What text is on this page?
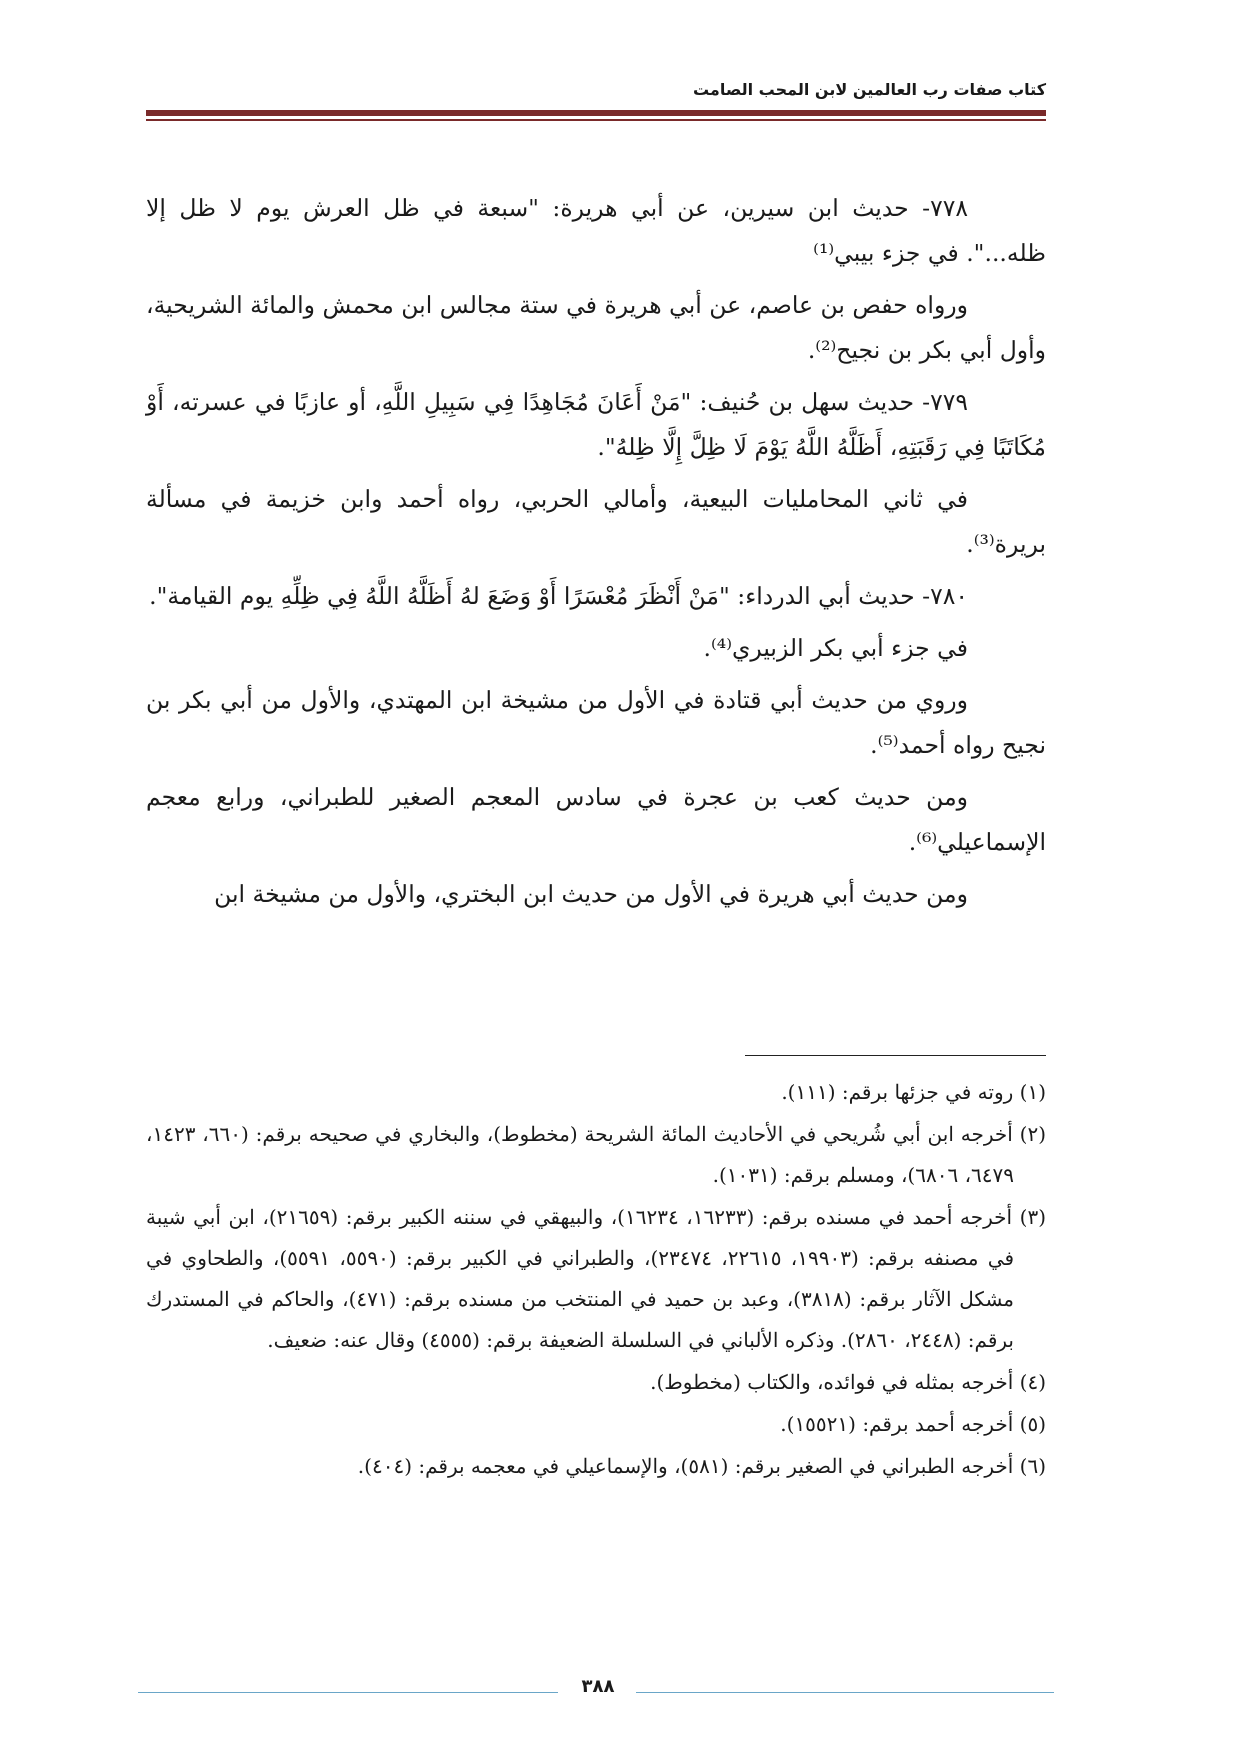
كتاب صفات رب العالمين لابن المحب الصامت

٧٧٨- حديث ابن سيرين، عن أبي هريرة: "سبعة في ظل العرش يوم لا ظل إلا ظله...". في جزء بيبي⁽¹⁾

ورواه حفص بن عاصم، عن أبي هريرة في ستة مجالس ابن محمش والمائة الشريحية، وأول أبي بكر بن نجيح⁽²⁾.

٧٧٩- حديث سهل بن حُنيف: "مَنْ أَعَانَ مُجَاهِدًا فِي سَبِيلِ اللَّهِ، أو عازبًا في عسرته، أَوْ مُكَاتَبًا فِي رَقَبَتِهِ، أَظَلَّهُ اللَّهُ يَوْمَ لَا ظِلَّ إِلَّا ظِلهُ".

في ثاني المحامليات البيعية، وأمالي الحربي، رواه أحمد وابن خزيمة في مسألة بريرة⁽³⁾.

٧٨٠- حديث أبي الدرداء: "مَنْ أَنْظَرَ مُعْسَرًا أَوْ وَضَعَ لهُ أَظَلَّهُ اللَّهُ فِي ظِلِّهِ يوم القيامة".

في جزء أبي بكر الزبيري⁽⁴⁾.

وروي من حديث أبي قتادة في الأول من مشيخة ابن المهتدي، والأول من أبي بكر بن نجيح رواه أحمد⁽⁵⁾.

ومن حديث كعب بن عجرة في سادس المعجم الصغير للطبراني، ورابع معجم الإسماعيلي⁽⁶⁾.

ومن حديث أبي هريرة في الأول من حديث ابن البختري، والأول من مشيخة ابن

(١) روته في جزئها برقم: (١١١).

(٢) أخرجه ابن أبي شُريحي في الأحاديث المائة الشريحة (مخطوط)، والبخاري في صحيحه برقم: (٦٦٠، ١٤٢٣، ٦٤٧٩، ٦٨٠٦)، ومسلم برقم: (١٠٣١).

(٣) أخرجه أحمد في مسنده برقم: (١٦٢٣٣، ١٦٢٣٤)، والبيهقي في سننه الكبير برقم: (٢١٦٥٩)، ابن أبي شيبة في مصنفه برقم: (١٩٩٠٣، ٢٢٦١٥، ٢٣٤٧٤)، والطبراني في الكبير برقم: (٥٥٩٠، ٥٥٩١)، والطحاوي في مشكل الآثار برقم: (٣٨١٨)، وعبد بن حميد في المنتخب من مسنده برقم: (٤٧١)، والحاكم في المستدرك برقم: (٢٤٤٨، ٢٨٦٠). وذكره الألباني في السلسلة الضعيفة برقم: (٤٥٥٥) وقال عنه: ضعيف.

(٤) أخرجه بمثله في فوائده، والكتاب (مخطوط).

(٥) أخرجه أحمد برقم: (١٥٥٢١).

(٦) أخرجه الطبراني في الصغير برقم: (٥٨١)، والإسماعيلي في معجمه برقم: (٤٠٤).

٣٨٨
